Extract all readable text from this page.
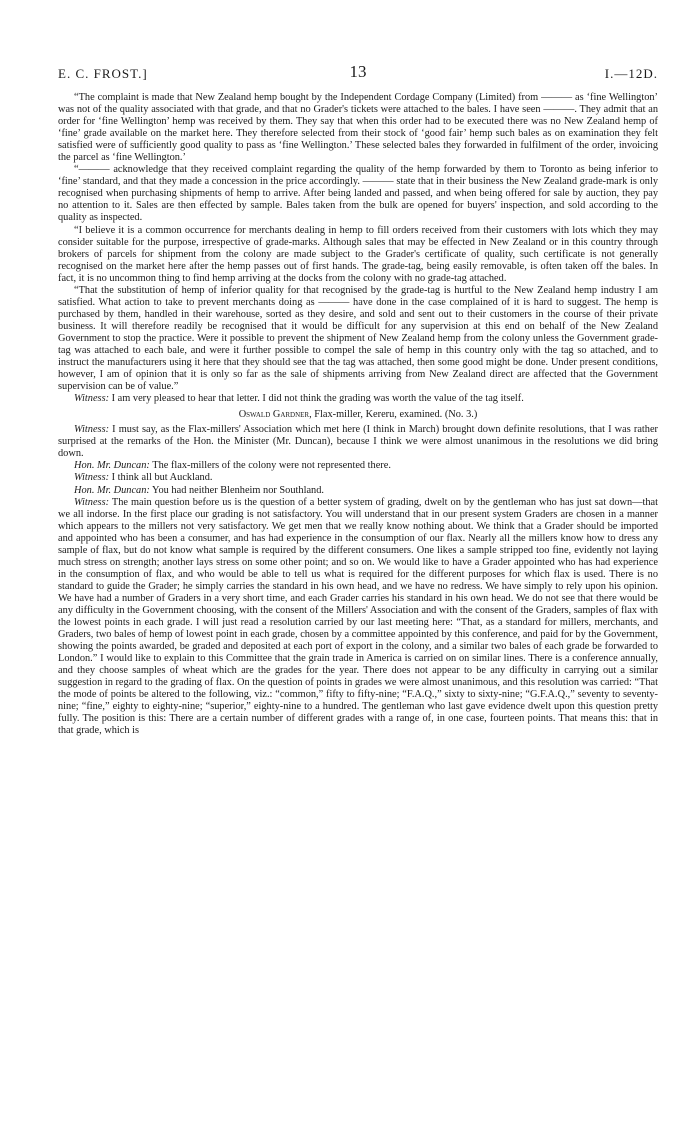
E. C. FROST.]	13	I.—12D.

“The complaint is made that New Zealand hemp bought by the Independent Cordage Company (Limited) from ——— as ‘fine Wellington’ was not of the quality associated with that grade, and that no Grader's tickets were attached to the bales. I have seen ———. They admit that an order for ‘fine Wellington’ hemp was received by them. They say that when this order had to be executed there was no New Zealand hemp of ‘fine’ grade available on the market here. They therefore selected from their stock of ‘good fair’ hemp such bales as on examination they felt satisfied were of sufficiently good quality to pass as ‘fine Wellington.’ These selected bales they forwarded in fulfilment of the order, invoicing the parcel as ‘fine Wellington.’

“——— acknowledge that they received complaint regarding the quality of the hemp forwarded by them to Toronto as being inferior to ‘fine’ standard, and that they made a concession in the price accordingly. ——— state that in their business the New Zealand grade-mark is only recognised when purchasing shipments of hemp to arrive. After being landed and passed, and when being offered for sale by auction, they pay no attention to it. Sales are then effected by sample. Bales taken from the bulk are opened for buyers' inspection, and sold according to the quality as inspected.

“I believe it is a common occurrence for merchants dealing in hemp to fill orders received from their customers with lots which they may consider suitable for the purpose, irrespective of grade-marks. Although sales that may be effected in New Zealand or in this country through brokers of parcels for shipment from the colony are made subject to the Grader's certificate of quality, such certificate is not generally recognised on the market here after the hemp passes out of first hands. The grade-tag, being easily removable, is often taken off the bales. In fact, it is no uncommon thing to find hemp arriving at the docks from the colony with no grade-tag attached.

“That the substitution of hemp of inferior quality for that recognised by the grade-tag is hurtful to the New Zealand hemp industry I am satisfied. What action to take to prevent merchants doing as ——— have done in the case complained of it is hard to suggest. The hemp is purchased by them, handled in their warehouse, sorted as they desire, and sold and sent out to their customers in the course of their private business. It will therefore readily be recognised that it would be difficult for any supervision at this end on behalf of the New Zealand Government to stop the practice. Were it possible to prevent the shipment of New Zealand hemp from the colony unless the Government grade-tag was attached to each bale, and were it further possible to compel the sale of hemp in this country only with the tag so attached, and to instruct the manufacturers using it here that they should see that the tag was attached, then some good might be done. Under present conditions, however, I am of opinion that it is only so far as the sale of shipments arriving from New Zealand direct are affected that the Government supervision can be of value.”

Witness: I am very pleased to hear that letter. I did not think the grading was worth the value of the tag itself.

Oswald Gardner, Flax-miller, Kereru, examined. (No. 3.)

Witness: I must say, as the Flax-millers' Association which met here (I think in March) brought down definite resolutions, that I was rather surprised at the remarks of the Hon. the Minister (Mr. Duncan), because I think we were almost unanimous in the resolutions we did bring down.

Hon. Mr. Duncan: The flax-millers of the colony were not represented there.

Witness: I think all but Auckland.

Hon. Mr. Duncan: You had neither Blenheim nor Southland.

Witness: The main question before us is the question of a better system of grading, dwelt on by the gentleman who has just sat down—that we all indorse. In the first place our grading is not satisfactory. You will understand that in our present system Graders are chosen in a manner which appears to the millers not very satisfactory. We get men that we really know nothing about. We think that a Grader should be imported and appointed who has been a consumer, and has had experience in the consumption of our flax. Nearly all the millers know how to dress any sample of flax, but do not know what sample is required by the different consumers. One likes a sample stripped too fine, evidently not laying much stress on strength; another lays stress on some other point; and so on. We would like to have a Grader appointed who has had experience in the consumption of flax, and who would be able to tell us what is required for the different purposes for which flax is used. There is no standard to guide the Grader; he simply carries the standard in his own head, and we have no redress. We have simply to rely upon his opinion. We have had a number of Graders in a very short time, and each Grader carries his standard in his own head. We do not see that there would be any difficulty in the Government choosing, with the consent of the Millers' Association and with the consent of the Graders, samples of flax with the lowest points in each grade. I will just read a resolution carried by our last meeting here: “That, as a standard for millers, merchants, and Graders, two bales of hemp of lowest point in each grade, chosen by a committee appointed by this conference, and paid for by the Government, showing the points awarded, be graded and deposited at each port of export in the colony, and a similar two bales of each grade be forwarded to London.” I would like to explain to this Committee that the grain trade in America is carried on on similar lines. There is a conference annually, and they choose samples of wheat which are the grades for the year. There does not appear to be any difficulty in carrying out a similar suggestion in regard to the grading of flax. On the question of points in grades we were almost unanimous, and this resolution was carried: “That the mode of points be altered to the following, viz.: “common,” fifty to fifty-nine; “F.A.Q.,” sixty to sixty-nine; “G.F.A.Q.,” seventy to seventy-nine; “fine,” eighty to eighty-nine; “superior,” eighty-nine to a hundred. The gentleman who last gave evidence dwelt upon this question pretty fully. The position is this: There are a certain number of different grades with a range of, in one case, fourteen points. That means this: that in that grade, which is
